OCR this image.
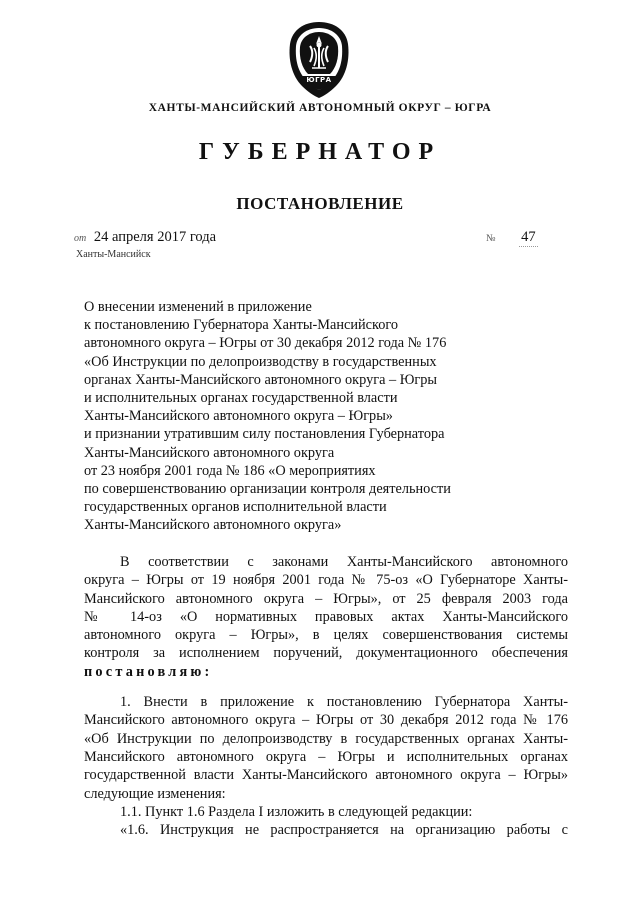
ЮГРА
ХАНТЫ-МАНСИЙСКИЙ АВТОНОМНЫЙ ОКРУГ – ЮГРА
ГУБЕРНАТОР
ПОСТАНОВЛЕНИЕ
от 24 апреля 2017 года	№ 47
Ханты-Мансийск
О внесении изменений в приложение
к постановлению Губернатора Ханты-Мансийского
автономного округа – Югры от 30 декабря 2012 года № 176
«Об Инструкции по делопроизводству в государственных
органах Ханты-Мансийского автономного округа – Югры
и исполнительных органах государственной власти
Ханты-Мансийского автономного округа – Югры»
и признании утратившим силу постановления Губернатора
Ханты-Мансийского автономного округа
от 23 ноября 2001 года № 186 «О мероприятиях
по совершенствованию организации контроля деятельности
государственных органов исполнительной власти
Ханты-Мансийского автономного округа»
В соответствии с законами Ханты-Мансийского автономного
округа – Югры от 19 ноября 2001 года № 75-оз «О Губернаторе Ханты-
Мансийского автономного округа – Югры», от 25 февраля 2003 года
№ 14-оз «О нормативных правовых актах Ханты-Мансийского
автономного округа – Югры», в целях совершенствования системы
контроля за исполнением поручений, документационного обеспечения
постановляю:
1. Внести в приложение к постановлению Губернатора Ханты-
Мансийского автономного округа – Югры от 30 декабря 2012 года № 176
«Об Инструкции по делопроизводству в государственных органах Ханты-
Мансийского автономного округа – Югры и исполнительных органах
государственной власти Ханты-Мансийского автономного округа – Югры»
следующие изменения:
1.1. Пункт 1.6 Раздела I изложить в следующей редакции:
«1.6. Инструкция не распространяется на организацию работы с
